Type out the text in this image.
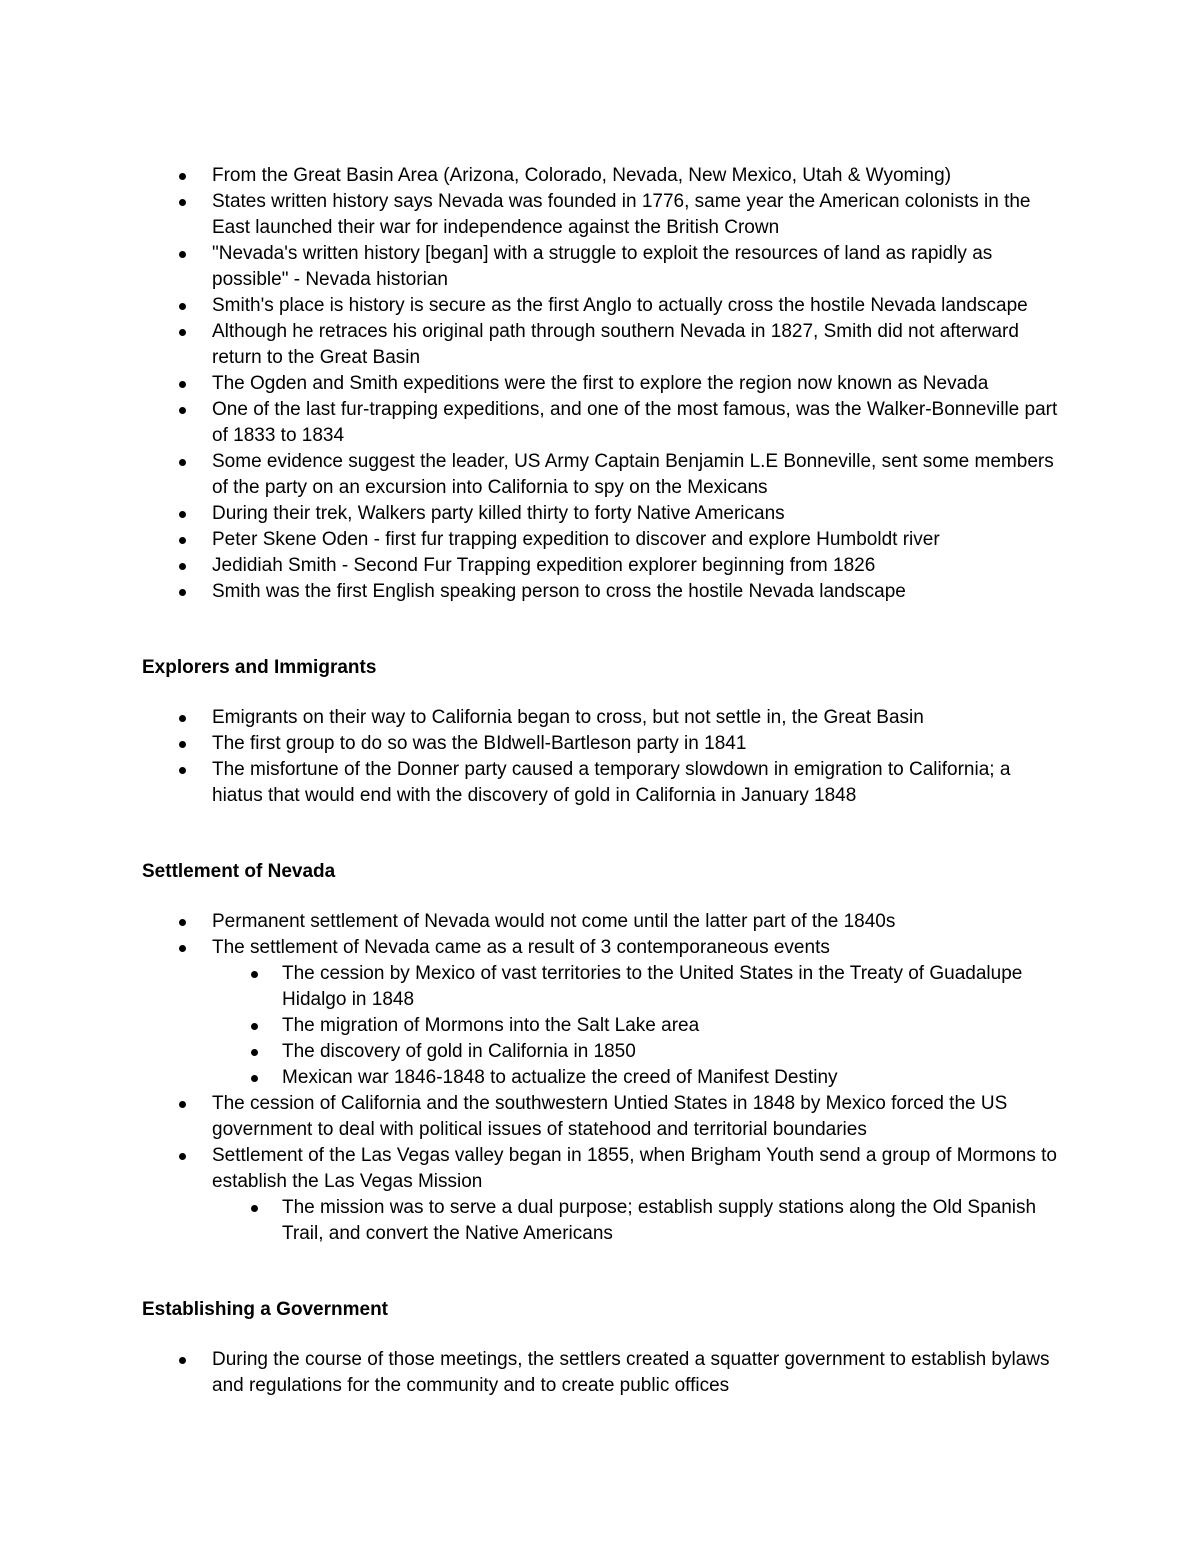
From the Great Basin Area (Arizona, Colorado, Nevada, New Mexico, Utah & Wyoming)
States written history says Nevada was founded in 1776, same year the American colonists in the East launched their war for independence against the British Crown
"Nevada's written history [began] with a struggle to exploit the resources of land as rapidly as possible" - Nevada historian
Smith's place is history is secure as the first Anglo to actually cross the hostile Nevada landscape
Although he retraces his original path through southern Nevada in 1827, Smith did not afterward return to the Great Basin
The Ogden and Smith expeditions were the first to explore the region now known as Nevada
One of the last fur-trapping expeditions, and one of the most famous, was the Walker-Bonneville part of 1833 to 1834
Some evidence suggest the leader, US Army Captain Benjamin L.E Bonneville, sent some members of the party on an excursion into California to spy on the Mexicans
During their trek, Walkers party killed thirty to forty Native Americans
Peter Skene Oden - first fur trapping expedition to discover and explore Humboldt river
Jedidiah Smith - Second Fur Trapping expedition explorer beginning from 1826
Smith was the first English speaking person to cross the hostile Nevada landscape

Explorers and Immigrants

Emigrants on their way to California began to cross, but not settle in, the Great Basin
The first group to do so was the BIdwell-Bartleson party in 1841
The misfortune of the Donner party caused a temporary slowdown in emigration to California; a hiatus that would end with the discovery of gold in California in January 1848

Settlement of Nevada

Permanent settlement of Nevada would not come until the latter part of the 1840s
The settlement of Nevada came as a result of 3 contemporaneous events
The cession by Mexico of vast territories to the United States in the Treaty of Guadalupe Hidalgo in 1848
The migration of Mormons into the Salt Lake area
The discovery of gold in California in 1850
Mexican war 1846-1848 to actualize the creed of Manifest Destiny
The cession of California and the southwestern Untied States in 1848 by Mexico forced the US government to deal with political issues of statehood and territorial boundaries
Settlement of the Las Vegas valley began in 1855, when Brigham Youth send a group of Mormons to establish the Las Vegas Mission
The mission was to serve a dual purpose; establish supply stations along the Old Spanish Trail, and convert the Native Americans

Establishing a Government

During the course of those meetings, the settlers created a squatter government to establish bylaws and regulations for the community and to create public offices
